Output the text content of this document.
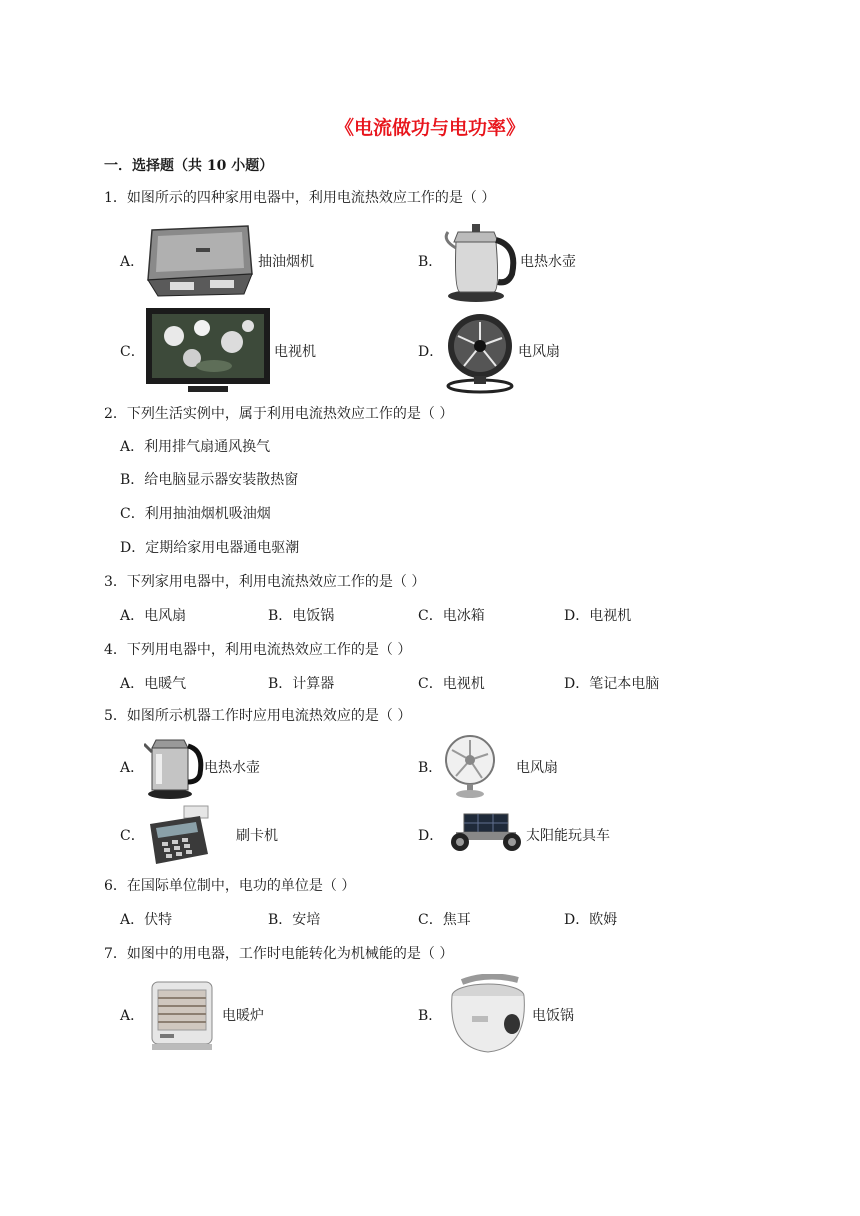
《电流做功与电功率》
一．选择题（共 10 小题）
1．如图所示的四种家用电器中，利用电流热效应工作的是（ ）
A．	抽油烟机	B．	电热水壶
C．	电视机	D．	电风扇
2．下列生活实例中，属于利用电流热效应工作的是（ ）
A．利用排气扇通风换气
B．给电脑显示器安装散热窗
C．利用抽油烟机吸油烟
D．定期给家用电器通电驱潮
3．下列家用电器中，利用电流热效应工作的是（ ）
A．电风扇	B．电饭锅	C．电冰箱	D．电视机
4．下列用电器中，利用电流热效应工作的是（ ）
A．电暖气	B．计算器	C．电视机	D．笔记本电脑
5．如图所示机器工作时应用电流热效应的是（ ）
A．	电热水壶	B．	电风扇
C．	刷卡机	D．	太阳能玩具车
6．在国际单位制中，电功的单位是（ ）
A．伏特	B．安培	C．焦耳	D．欧姆
7．如图中的用电器，工作时电能转化为机械能的是（ ）
A．	电暖炉	B．	电饭锅
